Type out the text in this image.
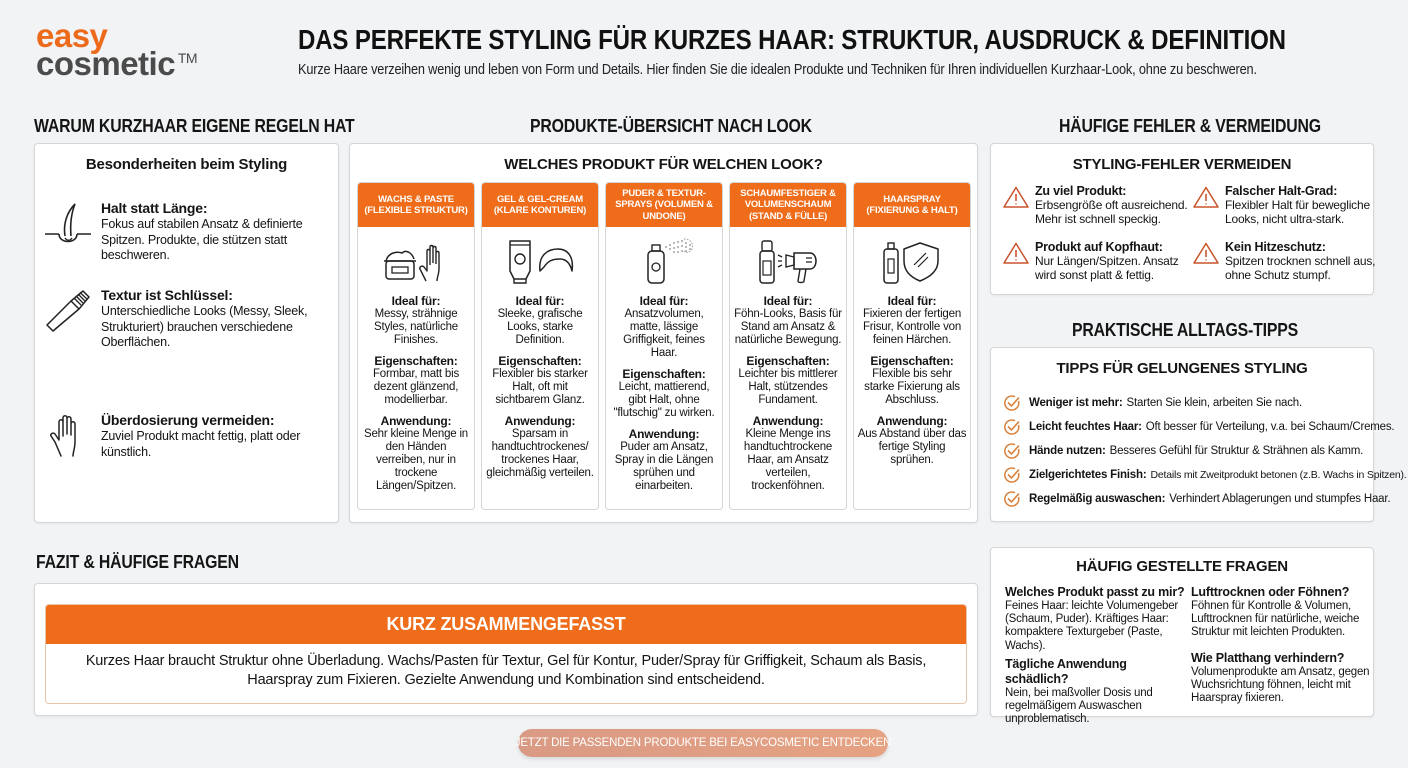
easy
cosmetic TM
DAS PERFEKTE STYLING FÜR KURZES HAAR: STRUKTUR, AUSDRUCK & DEFINITION

Kurze Haare verzeihen wenig und leben von Form und Details. Hier finden Sie die idealen Produkte und Techniken für Ihren individuellen Kurzhaar-Look, ohne zu beschweren.

WARUM KURZHAAR EIGENE REGELN HAT
Besonderheiten beim Styling
Halt statt Länge:
Fokus auf stabilen Ansatz & definierte Spitzen. Produkte, die stützen statt beschweren.
Textur ist Schlüssel:
Unterschiedliche Looks (Messy, Sleek, Strukturiert) brauchen verschiedene Oberflächen.
Überdosierung vermeiden:
Zuviel Produkt macht fettig, platt oder künstlich.
PRODUKTE-ÜBERSICHT NACH LOOK
WELCHES PRODUKT FÜR WELCHEN LOOK?
WACHS & PASTE (FLEXIBLE STRUKTUR)
Ideal für:
Messy, strähnige Styles, natürliche Finishes.
Eigenschaften:
Formbar, matt bis dezent glänzend, modellierbar.
Anwendung:
Sehr kleine Menge in den Händen verreiben, nur in trockene Längen/Spitzen.
GEL & GEL-CREAM (KLARE KONTUREN)
Ideal für:
Sleeke, grafische Looks, starke Definition.
Eigenschaften:
Flexibler bis starker Halt, oft mit sichtbarem Glanz.
Anwendung:
Sparsam in handtuchtrockenes/ trockenes Haar, gleichmäßig verteilen.
PUDER & TEXTUR-SPRAYS (VOLUMEN & UNDONE)
Ideal für:
Ansatzvolumen, matte, lässige Griffigkeit, feines Haar.
Eigenschaften:
Leicht, mattierend, gibt Halt, ohne "flutschig" zu wirken.
Anwendung:
Puder am Ansatz, Spray in die Längen sprühen und einarbeiten.
SCHAUMFESTIGER & VOLUMENSCHAUM (STAND & FÜLLE)
Ideal für:
Föhn-Looks, Basis für Stand am Ansatz & natürliche Bewegung.
Eigenschaften:
Leichter bis mittlerer Halt, stützendes Fundament.
Anwendung:
Kleine Menge ins handtuchtrockene Haar, am Ansatz verteilen, trockenföhnen.
HAARSPRAY (FIXIERUNG & HALT)
Ideal für:
Fixieren der fertigen Frisur, Kontrolle von feinen Härchen.
Eigenschaften:
Flexible bis sehr starke Fixierung als Abschluss.
Anwendung:
Aus Abstand über das fertige Styling sprühen.
HÄUFIGE FEHLER & VERMEIDUNG
STYLING-FEHLER VERMEIDEN
Zu viel Produkt:
Erbsengröße oft ausreichend. Mehr ist schnell speckig.
Falscher Halt-Grad:
Flexibler Halt für bewegliche Looks, nicht ultra-stark.
Produkt auf Kopfhaut:
Nur Längen/Spitzen. Ansatz wird sonst platt & fettig.
Kein Hitzeschutz:
Spitzen trocknen schnell aus, ohne Schutz stumpf.
PRAKTISCHE ALLTAGS-TIPPS
TIPPS FÜR GELUNGENES STYLING
Weniger ist mehr: Starten Sie klein, arbeiten Sie nach.
Leicht feuchtes Haar: Oft besser für Verteilung, v.a. bei Schaum/Cremes.
Hände nutzen: Besseres Gefühl für Struktur & Strähnen als Kamm.
Zielgerichtetes Finish: Details mit Zweitprodukt betonen (z.B. Wachs in Spitzen).
Regelmäßig auswaschen: Verhindert Ablagerungen und stumpfes Haar.
HÄUFIG GESTELLTE FRAGEN
Welches Produkt passt zu mir?
Feines Haar: leichte Volumengeber (Schaum, Puder). Kräftiges Haar: kompaktere Texturgeber (Paste, Wachs).
Lufttrocknen oder Föhnen?
Föhnen für Kontrolle & Volumen, Lufttrocknen für natürliche, weiche Struktur mit leichten Produkten.
Tägliche Anwendung schädlich?
Nein, bei maßvoller Dosis und regelmäßigem Auswaschen unproblematisch.
Wie Platthang verhindern?
Volumenprodukte am Ansatz, gegen Wuchsrichtung föhnen, leicht mit Haarspray fixieren.
FAZIT & HÄUFIGE FRAGEN
KURZ ZUSAMMENGEFASST
Kurzes Haar braucht Struktur ohne Überladung. Wachs/Pasten für Textur, Gel für Kontur, Puder/Spray für Griffigkeit, Schaum als Basis, Haarspray zum Fixieren. Gezielte Anwendung und Kombination sind entscheidend.
JETZT DIE PASSENDEN PRODUKTE BEI EASYCOSMETIC ENTDECKEN
